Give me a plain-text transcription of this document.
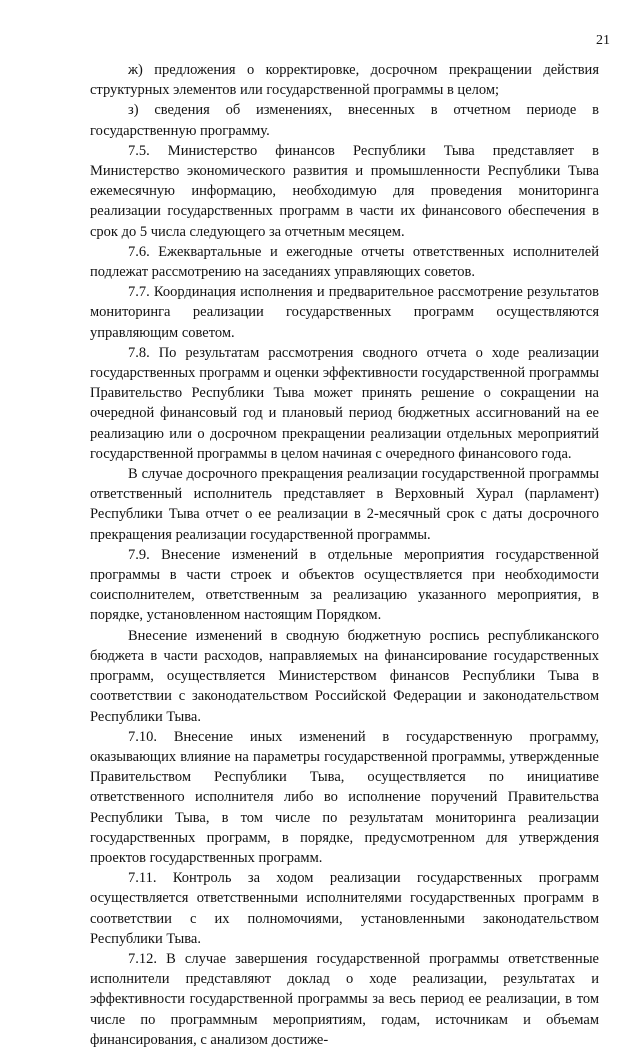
21

ж) предложения о корректировке, досрочном прекращении действия структурных элементов или государственной программы в целом;

з) сведения об изменениях, внесенных в отчетном периоде в государственную программу.

7.5. Министерство финансов Республики Тыва представляет в Министерство экономического развития и промышленности Республики Тыва ежемесячную информацию, необходимую для проведения мониторинга реализации государственных программ в части их финансового обеспечения в срок до 5 числа следующего за отчетным месяцем.

7.6. Ежеквартальные и ежегодные отчеты ответственных исполнителей подлежат рассмотрению на заседаниях управляющих советов.

7.7. Координация исполнения и предварительное рассмотрение результатов мониторинга реализации государственных программ осуществляются управляющим советом.

7.8. По результатам рассмотрения сводного отчета о ходе реализации государственных программ и оценки эффективности государственной программы Правительство Республики Тыва может принять решение о сокращении на очередной финансовый год и плановый период бюджетных ассигнований на ее реализацию или о досрочном прекращении реализации отдельных мероприятий государственной программы в целом начиная с очередного финансового года.

В случае досрочного прекращения реализации государственной программы ответственный исполнитель представляет в Верховный Хурал (парламент) Республики Тыва отчет о ее реализации в 2-месячный срок с даты досрочного прекращения реализации государственной программы.

7.9. Внесение изменений в отдельные мероприятия государственной программы в части строек и объектов осуществляется при необходимости соисполнителем, ответственным за реализацию указанного мероприятия, в порядке, установленном настоящим Порядком.

Внесение изменений в сводную бюджетную роспись республиканского бюджета в части расходов, направляемых на финансирование государственных программ, осуществляется Министерством финансов Республики Тыва в соответствии с законодательством Российской Федерации и законодательством Республики Тыва.

7.10. Внесение иных изменений в государственную программу, оказывающих влияние на параметры государственной программы, утвержденные Правительством Республики Тыва, осуществляется по инициативе ответственного исполнителя либо во исполнение поручений Правительства Республики Тыва, в том числе по результатам мониторинга реализации государственных программ, в порядке, предусмотренном для утверждения проектов государственных программ.

7.11. Контроль за ходом реализации государственных программ осуществляется ответственными исполнителями государственных программ в соответствии с их полномочиями, установленными законодательством Республики Тыва.

7.12. В случае завершения государственной программы ответственные исполнители представляют доклад о ходе реализации, результатах и эффективности государственной программы за весь период ее реализации, в том числе по программным мероприятиям, годам, источникам и объемам финансирования, с анализом достиже-
